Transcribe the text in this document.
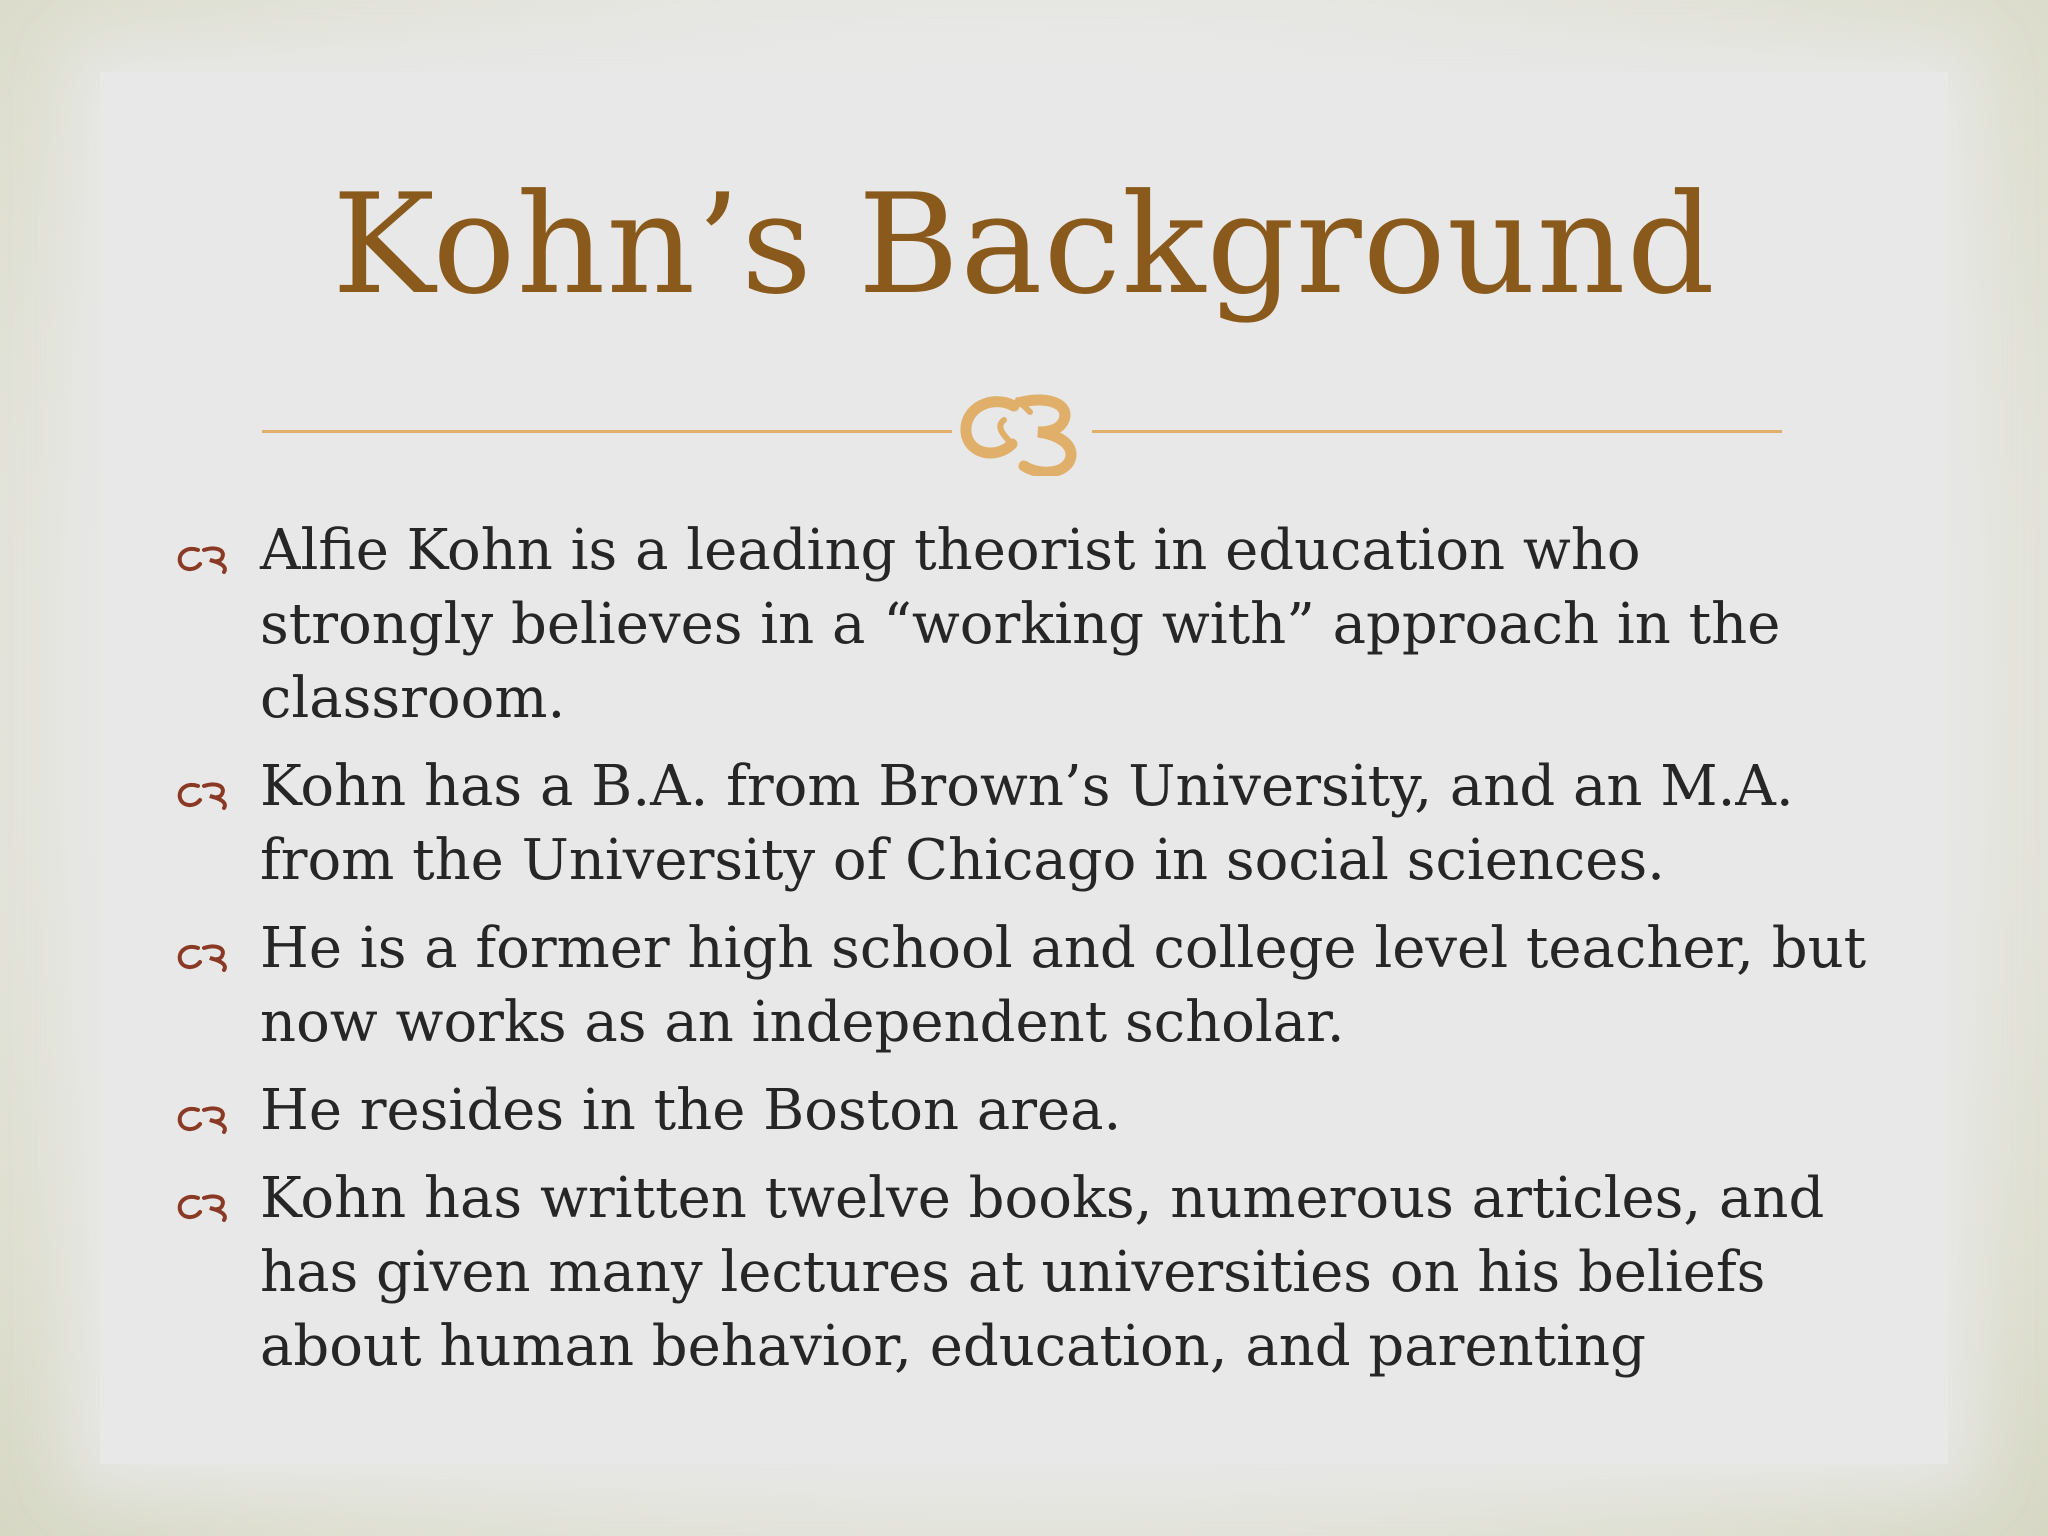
Kohn’s Background
Alfie Kohn is a leading theorist in education who strongly believes in a “working with” approach in the classroom.
Kohn has a B.A. from Brown’s University, and an M.A. from the University of Chicago in social sciences.
He is a former high school and college level teacher, but now works as an independent scholar.
He resides in the Boston area.
Kohn has written twelve books, numerous articles, and has given many lectures at universities on his beliefs about human behavior, education, and parenting
